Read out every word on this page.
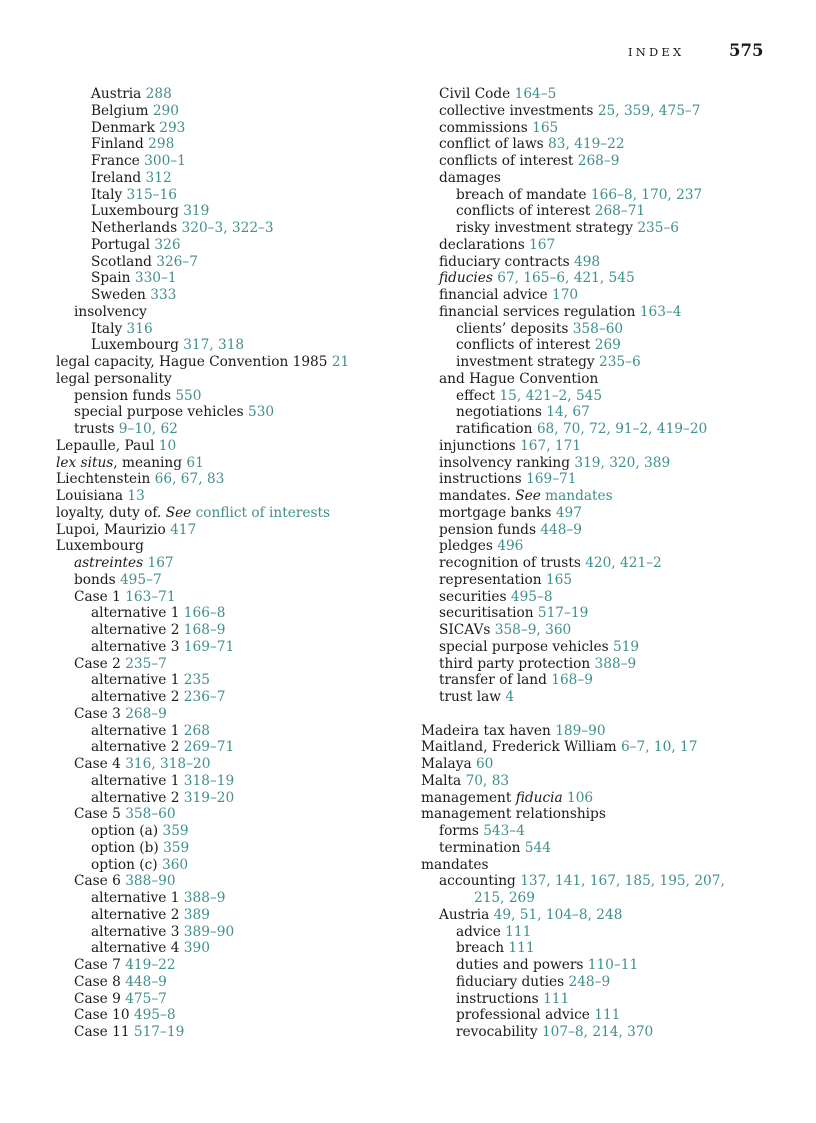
INDEX	575
Austria 288
Belgium 290
Denmark 293
Finland 298
France 300–1
Ireland 312
Italy 315–16
Luxembourg 319
Netherlands 320–3, 322–3
Portugal 326
Scotland 326–7
Spain 330–1
Sweden 333
insolvency
Italy 316
Luxembourg 317, 318
legal capacity, Hague Convention 1985 21
legal personality
pension funds 550
special purpose vehicles 530
trusts 9–10, 62
Lepaulle, Paul 10
lex situs, meaning 61
Liechtenstein 66, 67, 83
Louisiana 13
loyalty, duty of. See conflict of interests
Lupoi, Maurizio 417
Luxembourg
astreintes 167
bonds 495–7
Case 1 163–71
alternative 1 166–8
alternative 2 168–9
alternative 3 169–71
Case 2 235–7
alternative 1 235
alternative 2 236–7
Case 3 268–9
alternative 1 268
alternative 2 269–71
Case 4 316, 318–20
alternative 1 318–19
alternative 2 319–20
Case 5 358–60
option (a) 359
option (b) 359
option (c) 360
Case 6 388–90
alternative 1 388–9
alternative 2 389
alternative 3 389–90
alternative 4 390
Case 7 419–22
Case 8 448–9
Case 9 475–7
Case 10 495–8
Case 11 517–19
Civil Code 164–5
collective investments 25, 359, 475–7
commissions 165
conflict of laws 83, 419–22
conflicts of interest 268–9
damages
breach of mandate 166–8, 170, 237
conflicts of interest 268–71
risky investment strategy 235–6
declarations 167
fiduciary contracts 498
fiducies 67, 165–6, 421, 545
financial advice 170
financial services regulation 163–4
clients’ deposits 358–60
conflicts of interest 269
investment strategy 235–6
and Hague Convention
effect 15, 421–2, 545
negotiations 14, 67
ratification 68, 70, 72, 91–2, 419–20
injunctions 167, 171
insolvency ranking 319, 320, 389
instructions 169–71
mandates. See mandates
mortgage banks 497
pension funds 448–9
pledges 496
recognition of trusts 420, 421–2
representation 165
securities 495–8
securitisation 517–19
SICAVs 358–9, 360
special purpose vehicles 519
third party protection 388–9
transfer of land 168–9
trust law 4
Madeira tax haven 189–90
Maitland, Frederick William 6–7, 10, 17
Malaya 60
Malta 70, 83
management fiducia 106
management relationships
forms 543–4
termination 544
mandates
accounting 137, 141, 167, 185, 195, 207,
215, 269
Austria 49, 51, 104–8, 248
advice 111
breach 111
duties and powers 110–11
fiduciary duties 248–9
instructions 111
professional advice 111
revocability 107–8, 214, 370
